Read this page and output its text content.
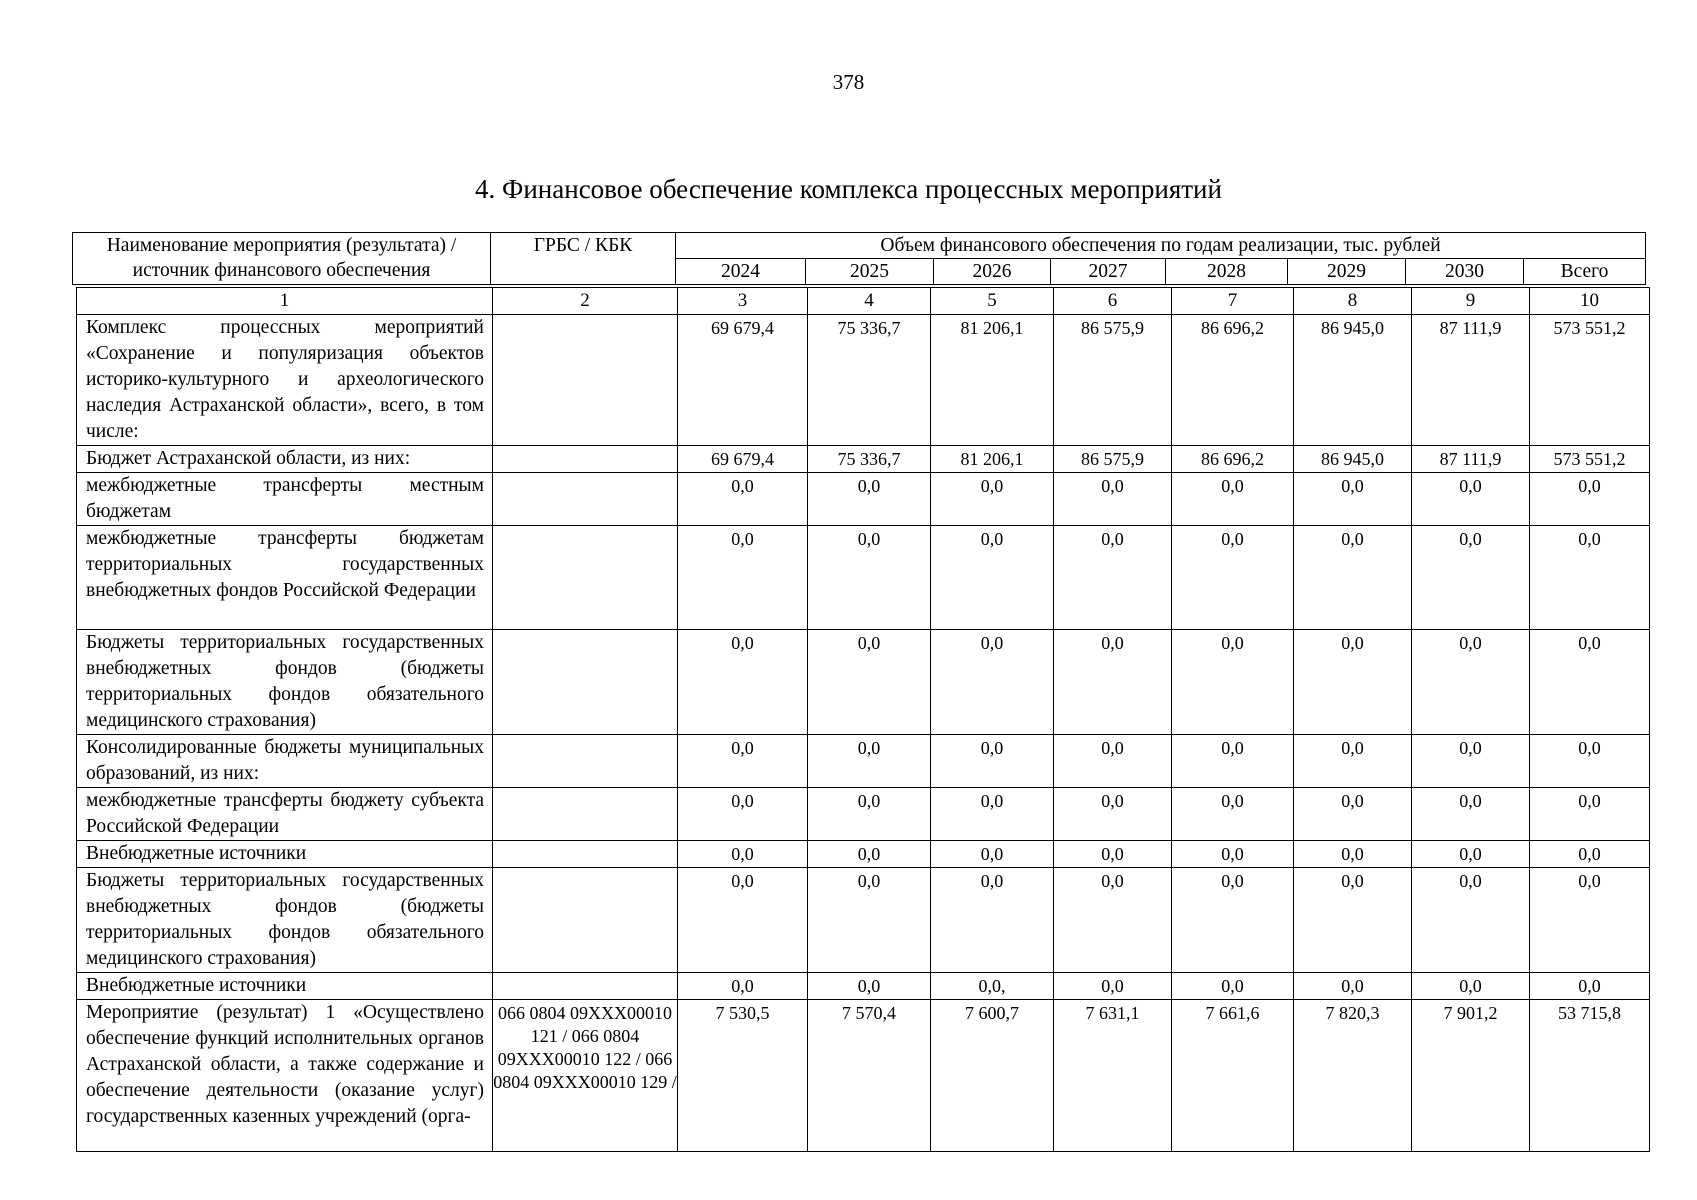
378
4. Финансовое обеспечение комплекса процессных мероприятий
Наименование мероприятия (результата) / источник финансового обеспечения	ГРБС / КБК	Объем финансового обеспечения по годам реализации, тыс. рублей							
		2024	2025	2026	2027	2028	2029	2030	Всего
1	2	3	4	5	6	7	8	9	10
Комплекс процессных мероприятий «Сохранение и популяризация объектов историко-культурного и археологического наследия Астраханской области», всего, в том числе:		69 679,4	75 336,7	81 206,1	86 575,9	86 696,2	86 945,0	87 111,9	573 551,2
Бюджет Астраханской области, из них:		69 679,4	75 336,7	81 206,1	86 575,9	86 696,2	86 945,0	87 111,9	573 551,2
межбюджетные трансферты местным бюджетам		0,0	0,0	0,0	0,0	0,0	0,0	0,0	0,0
межбюджетные трансферты бюджетам территориальных государственных внебюджетных фондов Российской Федерации		0,0	0,0	0,0	0,0	0,0	0,0	0,0	0,0
Бюджеты территориальных государственных внебюджетных фондов (бюджеты территориальных фондов обязательного медицинского страхования)		0,0	0,0	0,0	0,0	0,0	0,0	0,0	0,0
Консолидированные бюджеты муниципальных образований, из них:		0,0	0,0	0,0	0,0	0,0	0,0	0,0	0,0
межбюджетные трансферты бюджету субъекта Российской Федерации		0,0	0,0	0,0	0,0	0,0	0,0	0,0	0,0
Внебюджетные источники		0,0	0,0	0,0	0,0	0,0	0,0	0,0	0,0
Бюджеты территориальных государственных внебюджетных фондов (бюджеты территориальных фондов обязательного медицинского страхования)		0,0	0,0	0,0	0,0	0,0	0,0	0,0	0,0
Внебюджетные источники		0,0	0,0	0,0,	0,0	0,0	0,0	0,0	0,0
Мероприятие (результат) 1 «Осуществлено обеспечение функций исполнительных органов Астраханской области, а также содержание и обеспечение деятельности (оказание услуг) государственных казенных учреждений (орга-	066 0804 09ХХХ00010 121 / 066 0804 09ХХХ00010 122 / 066 0804 09ХХХ00010 129 /	7 530,5	7 570,4	7 600,7	7 631,1	7 661,6	7 820,3	7 901,2	53 715,8
